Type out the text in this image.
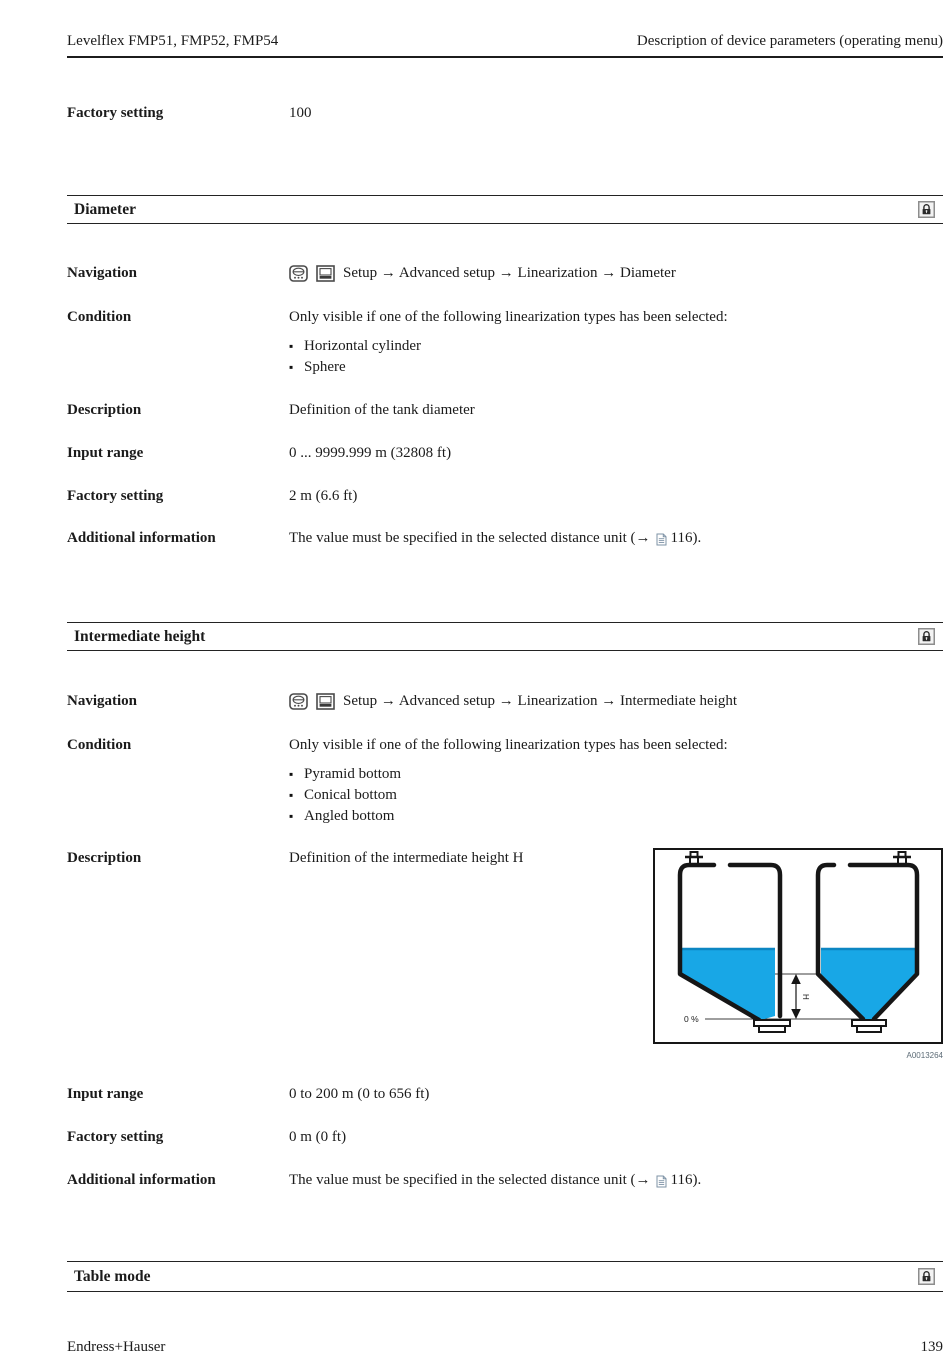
Levelflex FMP51, FMP52, FMP54	Description of device parameters (operating menu)
Factory setting	100
Diameter
Navigation	Setup → Advanced setup → Linearization → Diameter
Condition	Only visible if one of the following linearization types has been selected:
▪ Horizontal cylinder
▪ Sphere
Description	Definition of the tank diameter
Input range	0 ... 9999.999 m (32808 ft)
Factory setting	2 m (6.6 ft)
Additional information	The value must be specified in the selected distance unit (→ 116 ).
Intermediate height
Navigation	Setup → Advanced setup → Linearization → Intermediate height
Condition	Only visible if one of the following linearization types has been selected:
▪ Pyramid bottom
▪ Conical bottom
▪ Angled bottom
Description	Definition of the intermediate height H
H
0 %
A0013264
Input range	0 to 200 m (0 to 656 ft)
Factory setting	0 m (0 ft)
Additional information	The value must be specified in the selected distance unit (→ 116 ).
Table mode
Endress+Hauser	139
